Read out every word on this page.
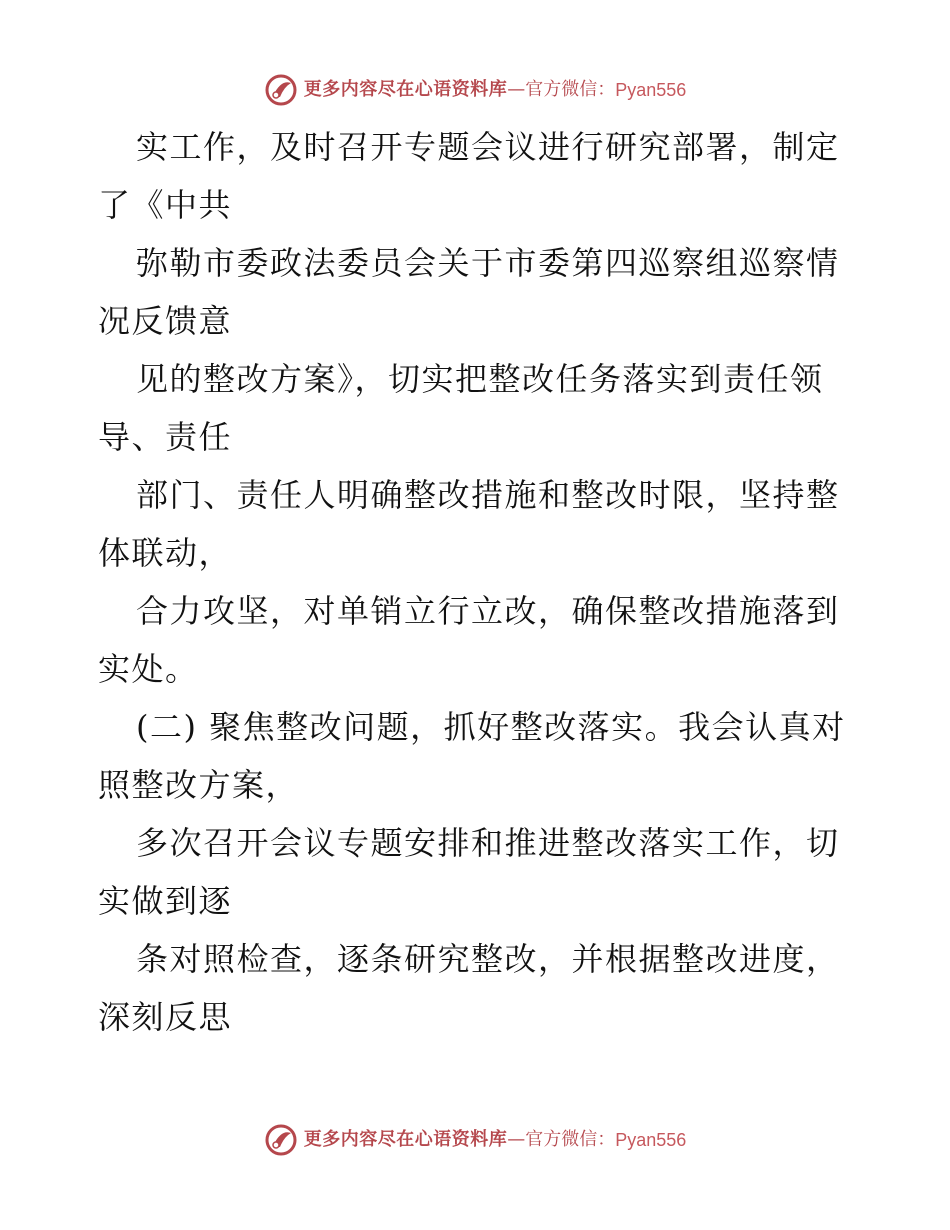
更多内容尽在心语资料库 — 官方微信： Pyan556
实工作，及时召开专题会议进行研究部署，制定
了《中共
弥勒市委政法委员会关于市委第四巡察组巡察情
况反馈意
见的整改方案》，切实把整改任务落实到责任领
导、责任
部门、责任人明确整改措施和整改时限，坚持整
体联动，
合力攻坚，对单销立行立改，确保整改措施落到
实处。
(二) 聚焦整改问题，抓好整改落实。我会认真对
照整改方案，
多次召开会议专题安排和推进整改落实工作，切
实做到逐
条对照检查，逐条研究整改，并根据整改进度，
深刻反思
更多内容尽在心语资料库 — 官方微信： Pyan556
